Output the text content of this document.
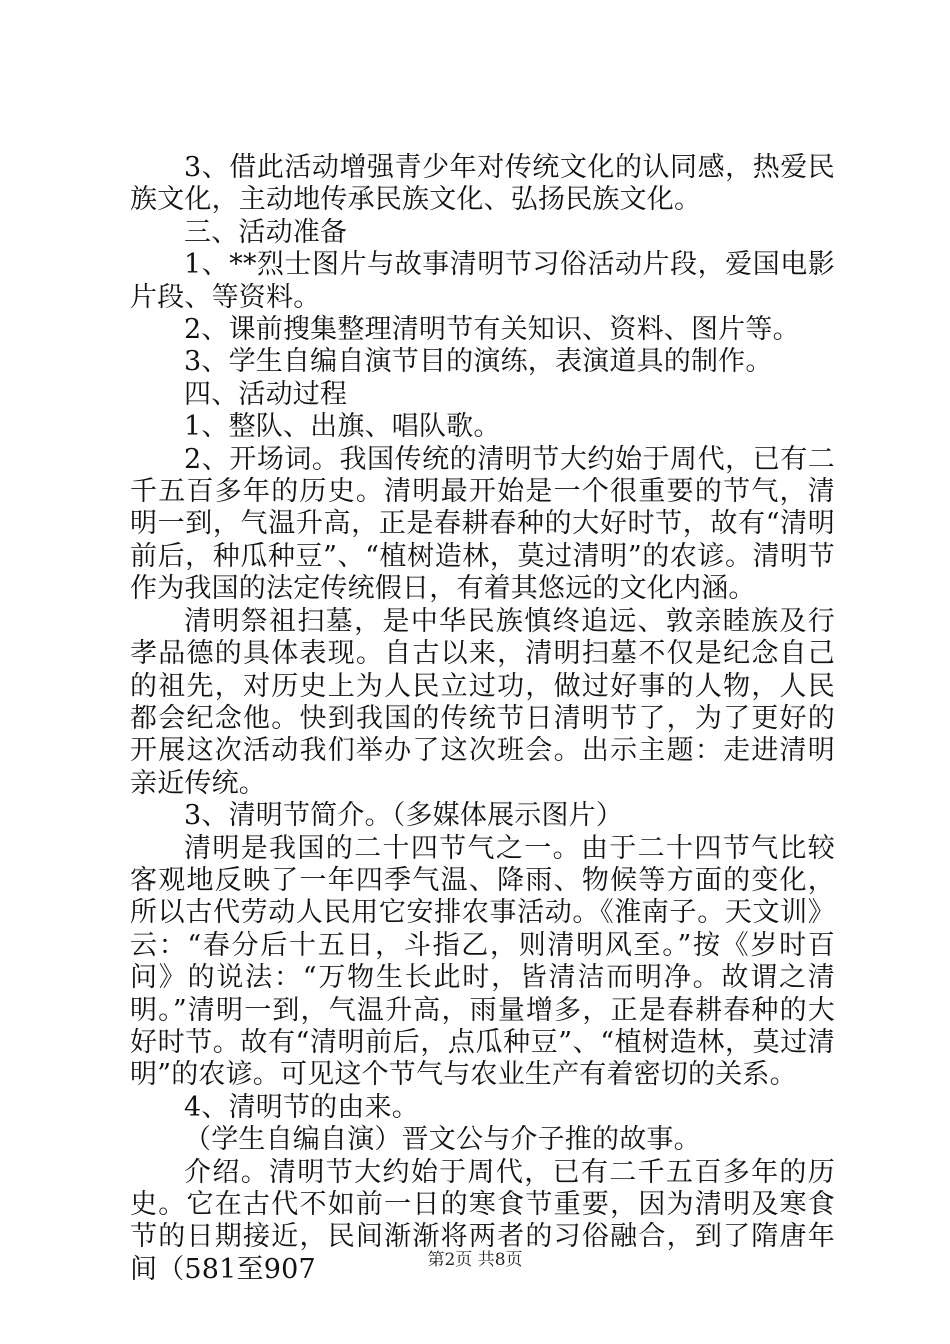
3、借此活动增强青少年对传统文化的认同感，热爱民族文化，主动地传承民族文化、弘扬民族文化。

三、活动准备

1、**烈士图片与故事清明节习俗活动片段，爱国电影片段、等资料。

2、课前搜集整理清明节有关知识、资料、图片等。

3、学生自编自演节目的演练，表演道具的制作。

四、活动过程

1、整队、出旗、唱队歌。

2、开场词。我国传统的清明节大约始于周代，已有二千五百多年的历史。清明最开始是一个很重要的节气，清明一到，气温升高，正是春耕春种的大好时节，故有“清明前后，种瓜种豆”、“植树造林，莫过清明”的农谚。清明节作为我国的法定传统假日，有着其悠远的文化内涵。

清明祭祖扫墓，是中华民族慎终追远、敦亲睦族及行孝品德的具体表现。自古以来，清明扫墓不仅是纪念自己的祖先，对历史上为人民立过功，做过好事的人物，人民都会纪念他。快到我国的传统节日清明节了，为了更好的开展这次活动我们举办了这次班会。出示主题：走进清明亲近传统。

3、清明节简介。（多媒体展示图片）

清明是我国的二十四节气之一。由于二十四节气比较客观地反映了一年四季气温、降雨、物候等方面的变化，所以古代劳动人民用它安排农事活动。《淮南子。天文训》云：“春分后十五日，斗指乙，则清明风至。”按《岁时百问》的说法：“万物生长此时，皆清洁而明净。故谓之清明。”清明一到，气温升高，雨量增多，正是春耕春种的大好时节。故有“清明前后，点瓜种豆”、“植树造林，莫过清明”的农谚。可见这个节气与农业生产有着密切的关系。

4、清明节的由来。

（学生自编自演）晋文公与介子推的故事。

介绍。清明节大约始于周代，已有二千五百多年的历史。它在古代不如前一日的寒食节重要，因为清明及寒食节的日期接近，民间渐渐将两者的习俗融合，到了隋唐年间（581至907	第2页 共8页
